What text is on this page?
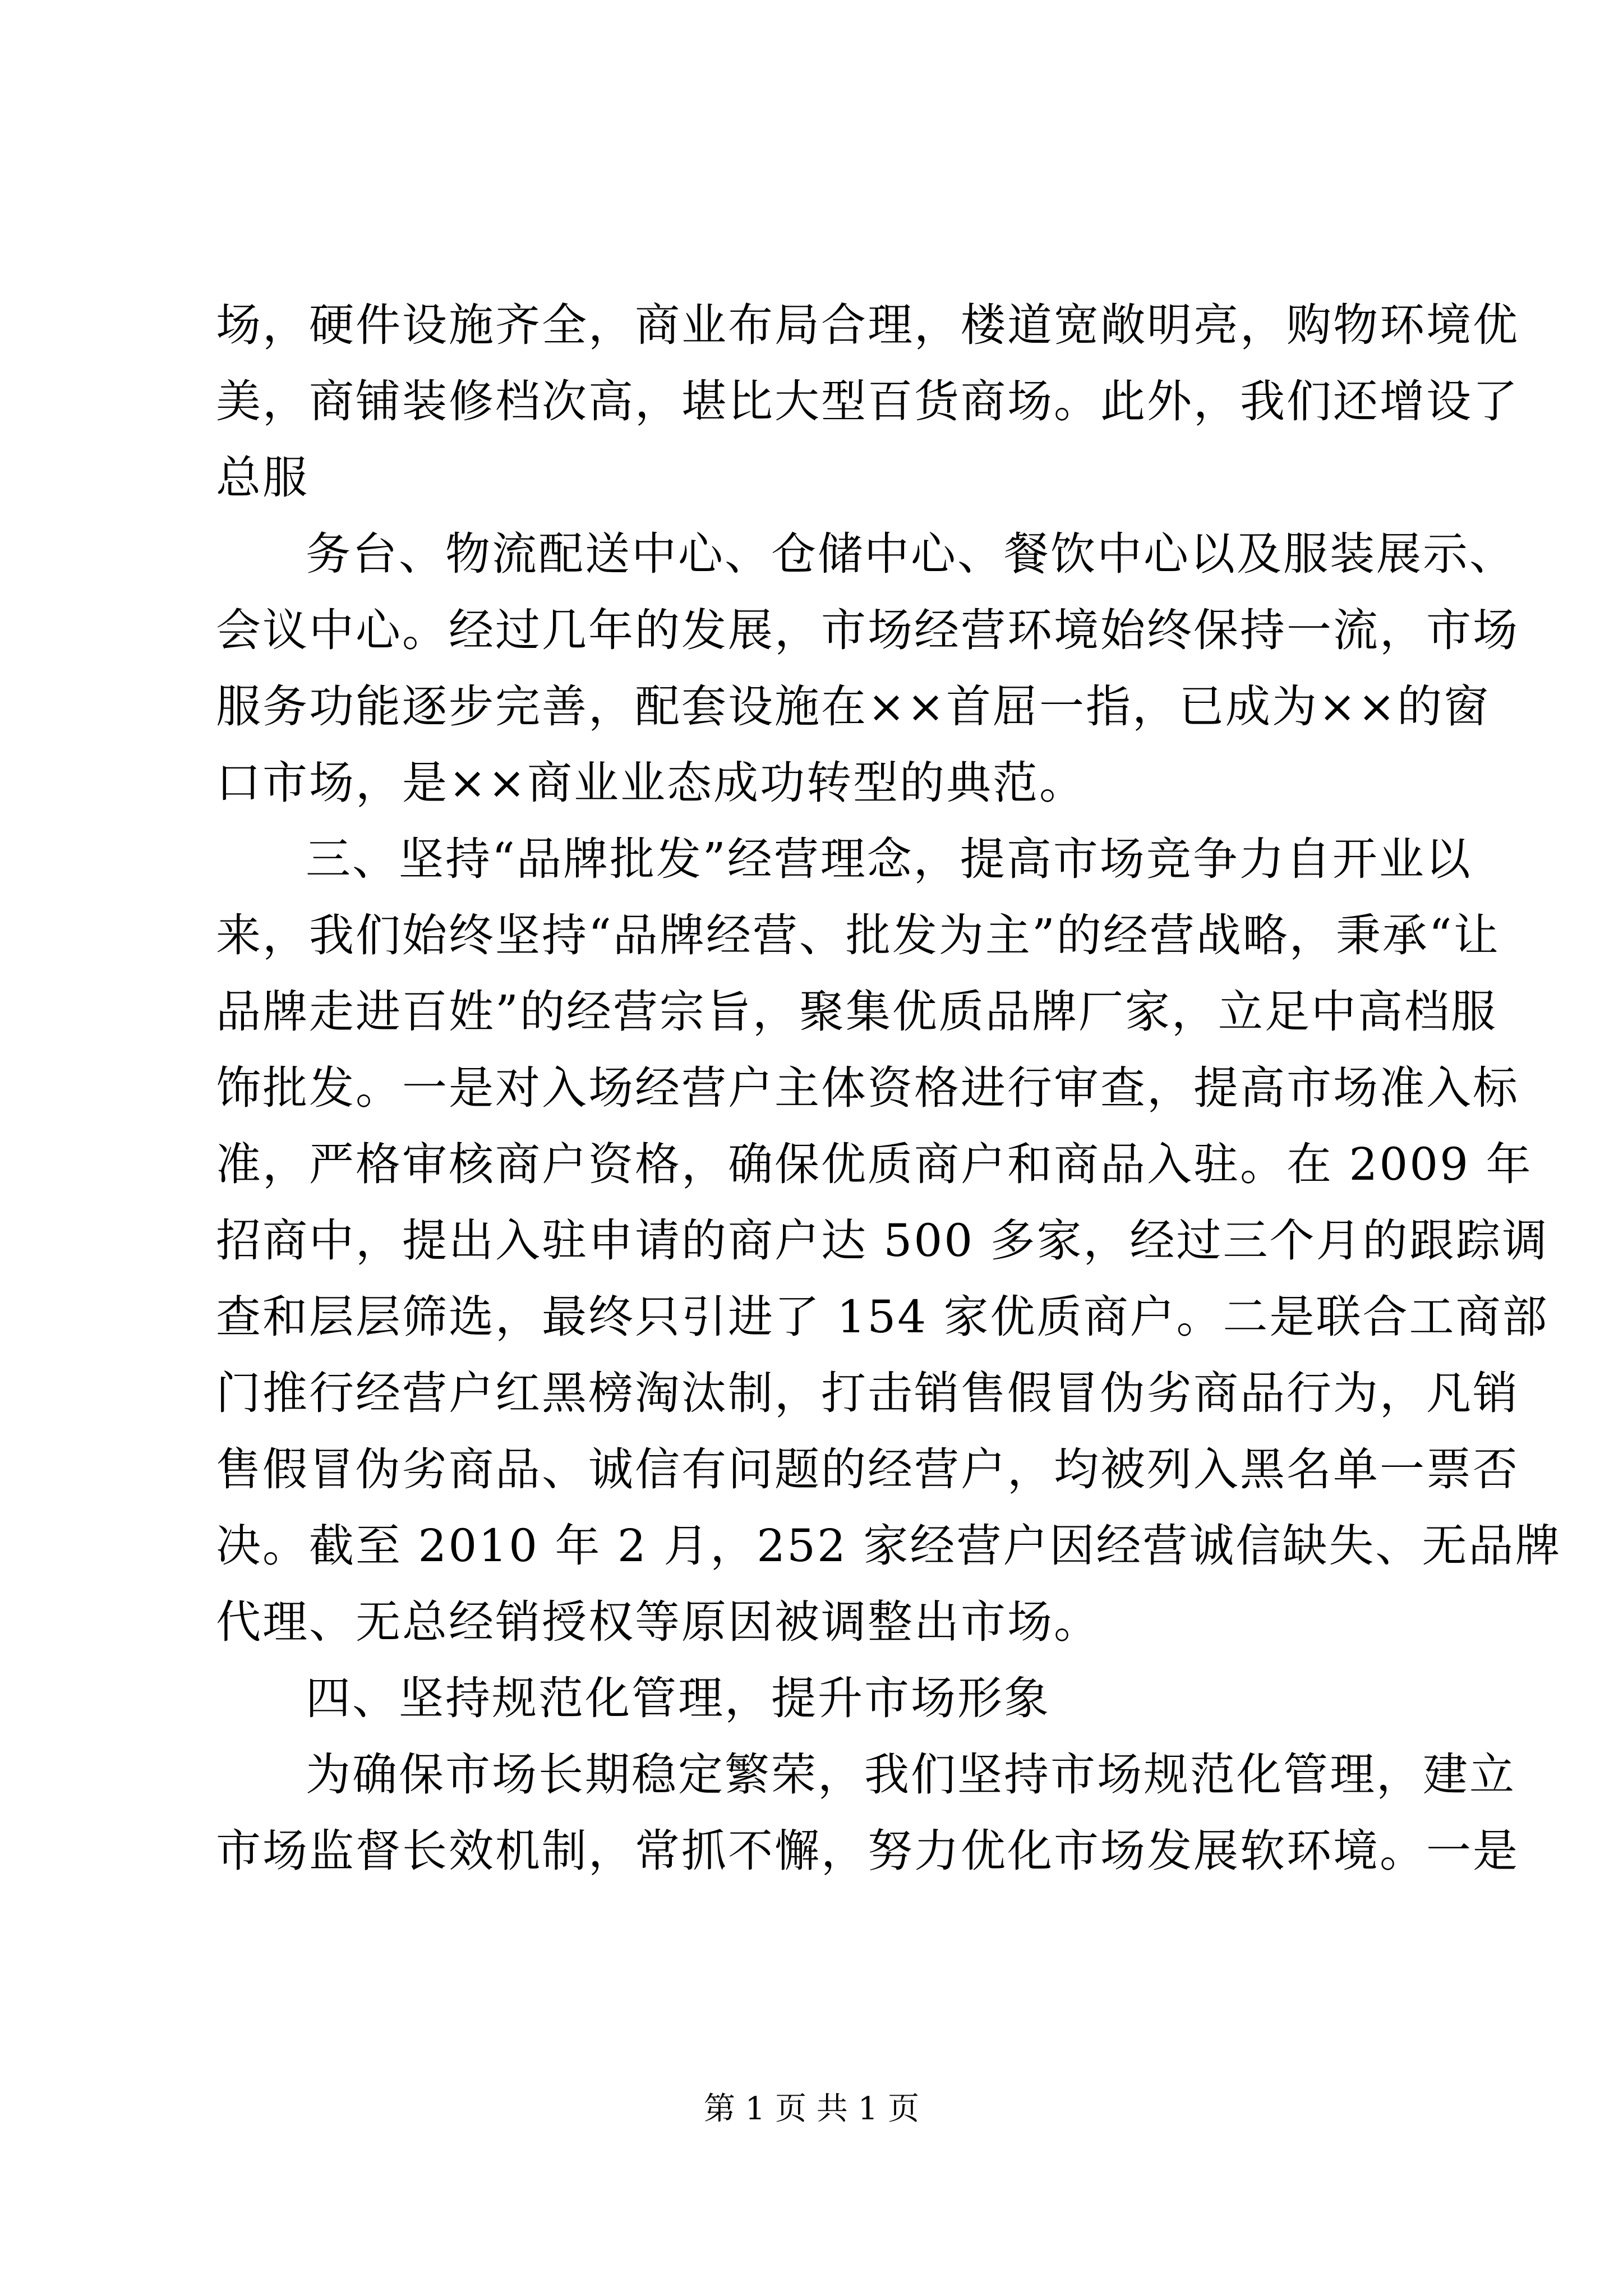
场，硬件设施齐全，商业布局合理，楼道宽敞明亮，购物环境优
美，商铺装修档次高，堪比大型百货商场。此外，我们还增设了
总服
务台、物流配送中心、仓储中心、餐饮中心以及服装展示、
会议中心。经过几年的发展，市场经营环境始终保持一流，市场
服务功能逐步完善，配套设施在××首屈一指，已成为××的窗
口市场，是××商业业态成功转型的典范。
三、坚持“品牌批发”经营理念，提高市场竞争力自开业以
来，我们始终坚持“品牌经营、批发为主”的经营战略，秉承“让
品牌走进百姓”的经营宗旨，聚集优质品牌厂家，立足中高档服
饰批发。一是对入场经营户主体资格进行审查，提高市场准入标
准，严格审核商户资格，确保优质商户和商品入驻。在 2009 年
招商中，提出入驻申请的商户达 500 多家，经过三个月的跟踪调
查和层层筛选，最终只引进了 154 家优质商户。二是联合工商部
门推行经营户红黑榜淘汰制，打击销售假冒伪劣商品行为，凡销
售假冒伪劣商品、诚信有问题的经营户，均被列入黑名单一票否
决。截至 2010 年 2 月，252 家经营户因经营诚信缺失、无品牌
代理、无总经销授权等原因被调整出市场。
四、坚持规范化管理，提升市场形象
为确保市场长期稳定繁荣，我们坚持市场规范化管理，建立
市场监督长效机制，常抓不懈，努力优化市场发展软环境。一是
第 1 页 共 1 页
